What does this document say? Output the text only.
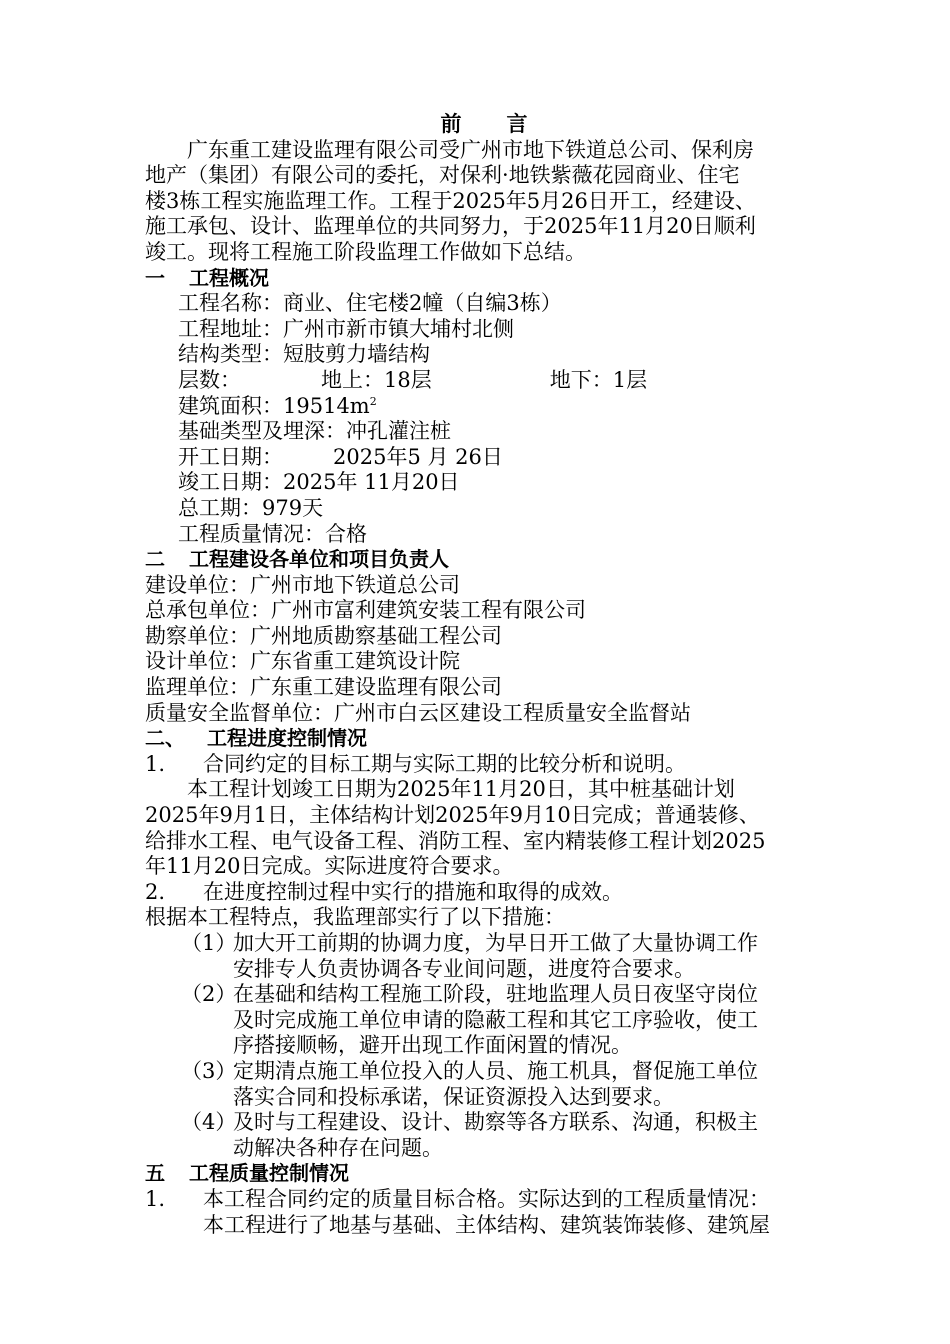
前　言
广东重工建设监理有限公司受广州市地下铁道总公司、保利房
地产（集团）有限公司的委托，对保利·地铁紫薇花园商业、住宅
楼3栋工程实施监理工作。工程于2025年5月26日开工，经建设、
施工承包、设计、监理单位的共同努力，于2025年11月20日顺利
竣工。现将工程施工阶段监理工作做如下总结。
一 工程概况
工程名称：商业、住宅楼2幢（自编3栋）
工程地址：广州市新市镇大埔村北侧
结构类型：短肢剪力墙结构
层数：	地上：18层	地下：1层
建筑面积：$19514m^2$
基础类型及埋深：冲孔灌注桩
开工日期： 2025年5 月 26日
竣工日期：2025年 11月20日
总工期：979天
工程质量情况：合格
二 工程建设各单位和项目负责人
建设单位：广州市地下铁道总公司
总承包单位：广州市富利建筑安装工程有限公司
勘察单位：广州地质勘察基础工程公司
设计单位：广东省重工建筑设计院
监理单位：广东重工建设监理有限公司
质量安全监督单位：广州市白云区建设工程质量安全监督站
二、 工程进度控制情况
1. 合同约定的目标工期与实际工期的比较分析和说明。
本工程计划竣工日期为2025年11月20日，其中桩基础计划
2025年9月1日，主体结构计划2025年9月10日完成；普通装修、
给排水工程、电气设备工程、消防工程、室内精装修工程计划2025
年11月20日完成。实际进度符合要求。
2. 在进度控制过程中实行的措施和取得的成效。
根据本工程特点，我监理部实行了以下措施：
（1）加大开工前期的协调力度，为早日开工做了大量协调工作
安排专人负责协调各专业间问题，进度符合要求。
（2）在基础和结构工程施工阶段，驻地监理人员日夜坚守岗位
及时完成施工单位申请的隐蔽工程和其它工序验收，使工
序搭接顺畅，避开出现工作面闲置的情况。
（3）定期清点施工单位投入的人员、施工机具，督促施工单位
落实合同和投标承诺，保证资源投入达到要求。
（4）及时与工程建设、设计、勘察等各方联系、沟通，积极主
动解决各种存在问题。
五 工程质量控制情况
1. 本工程合同约定的质量目标合格。实际达到的工程质量情况：
本工程进行了地基与基础、主体结构、建筑装饰装修、建筑屋
